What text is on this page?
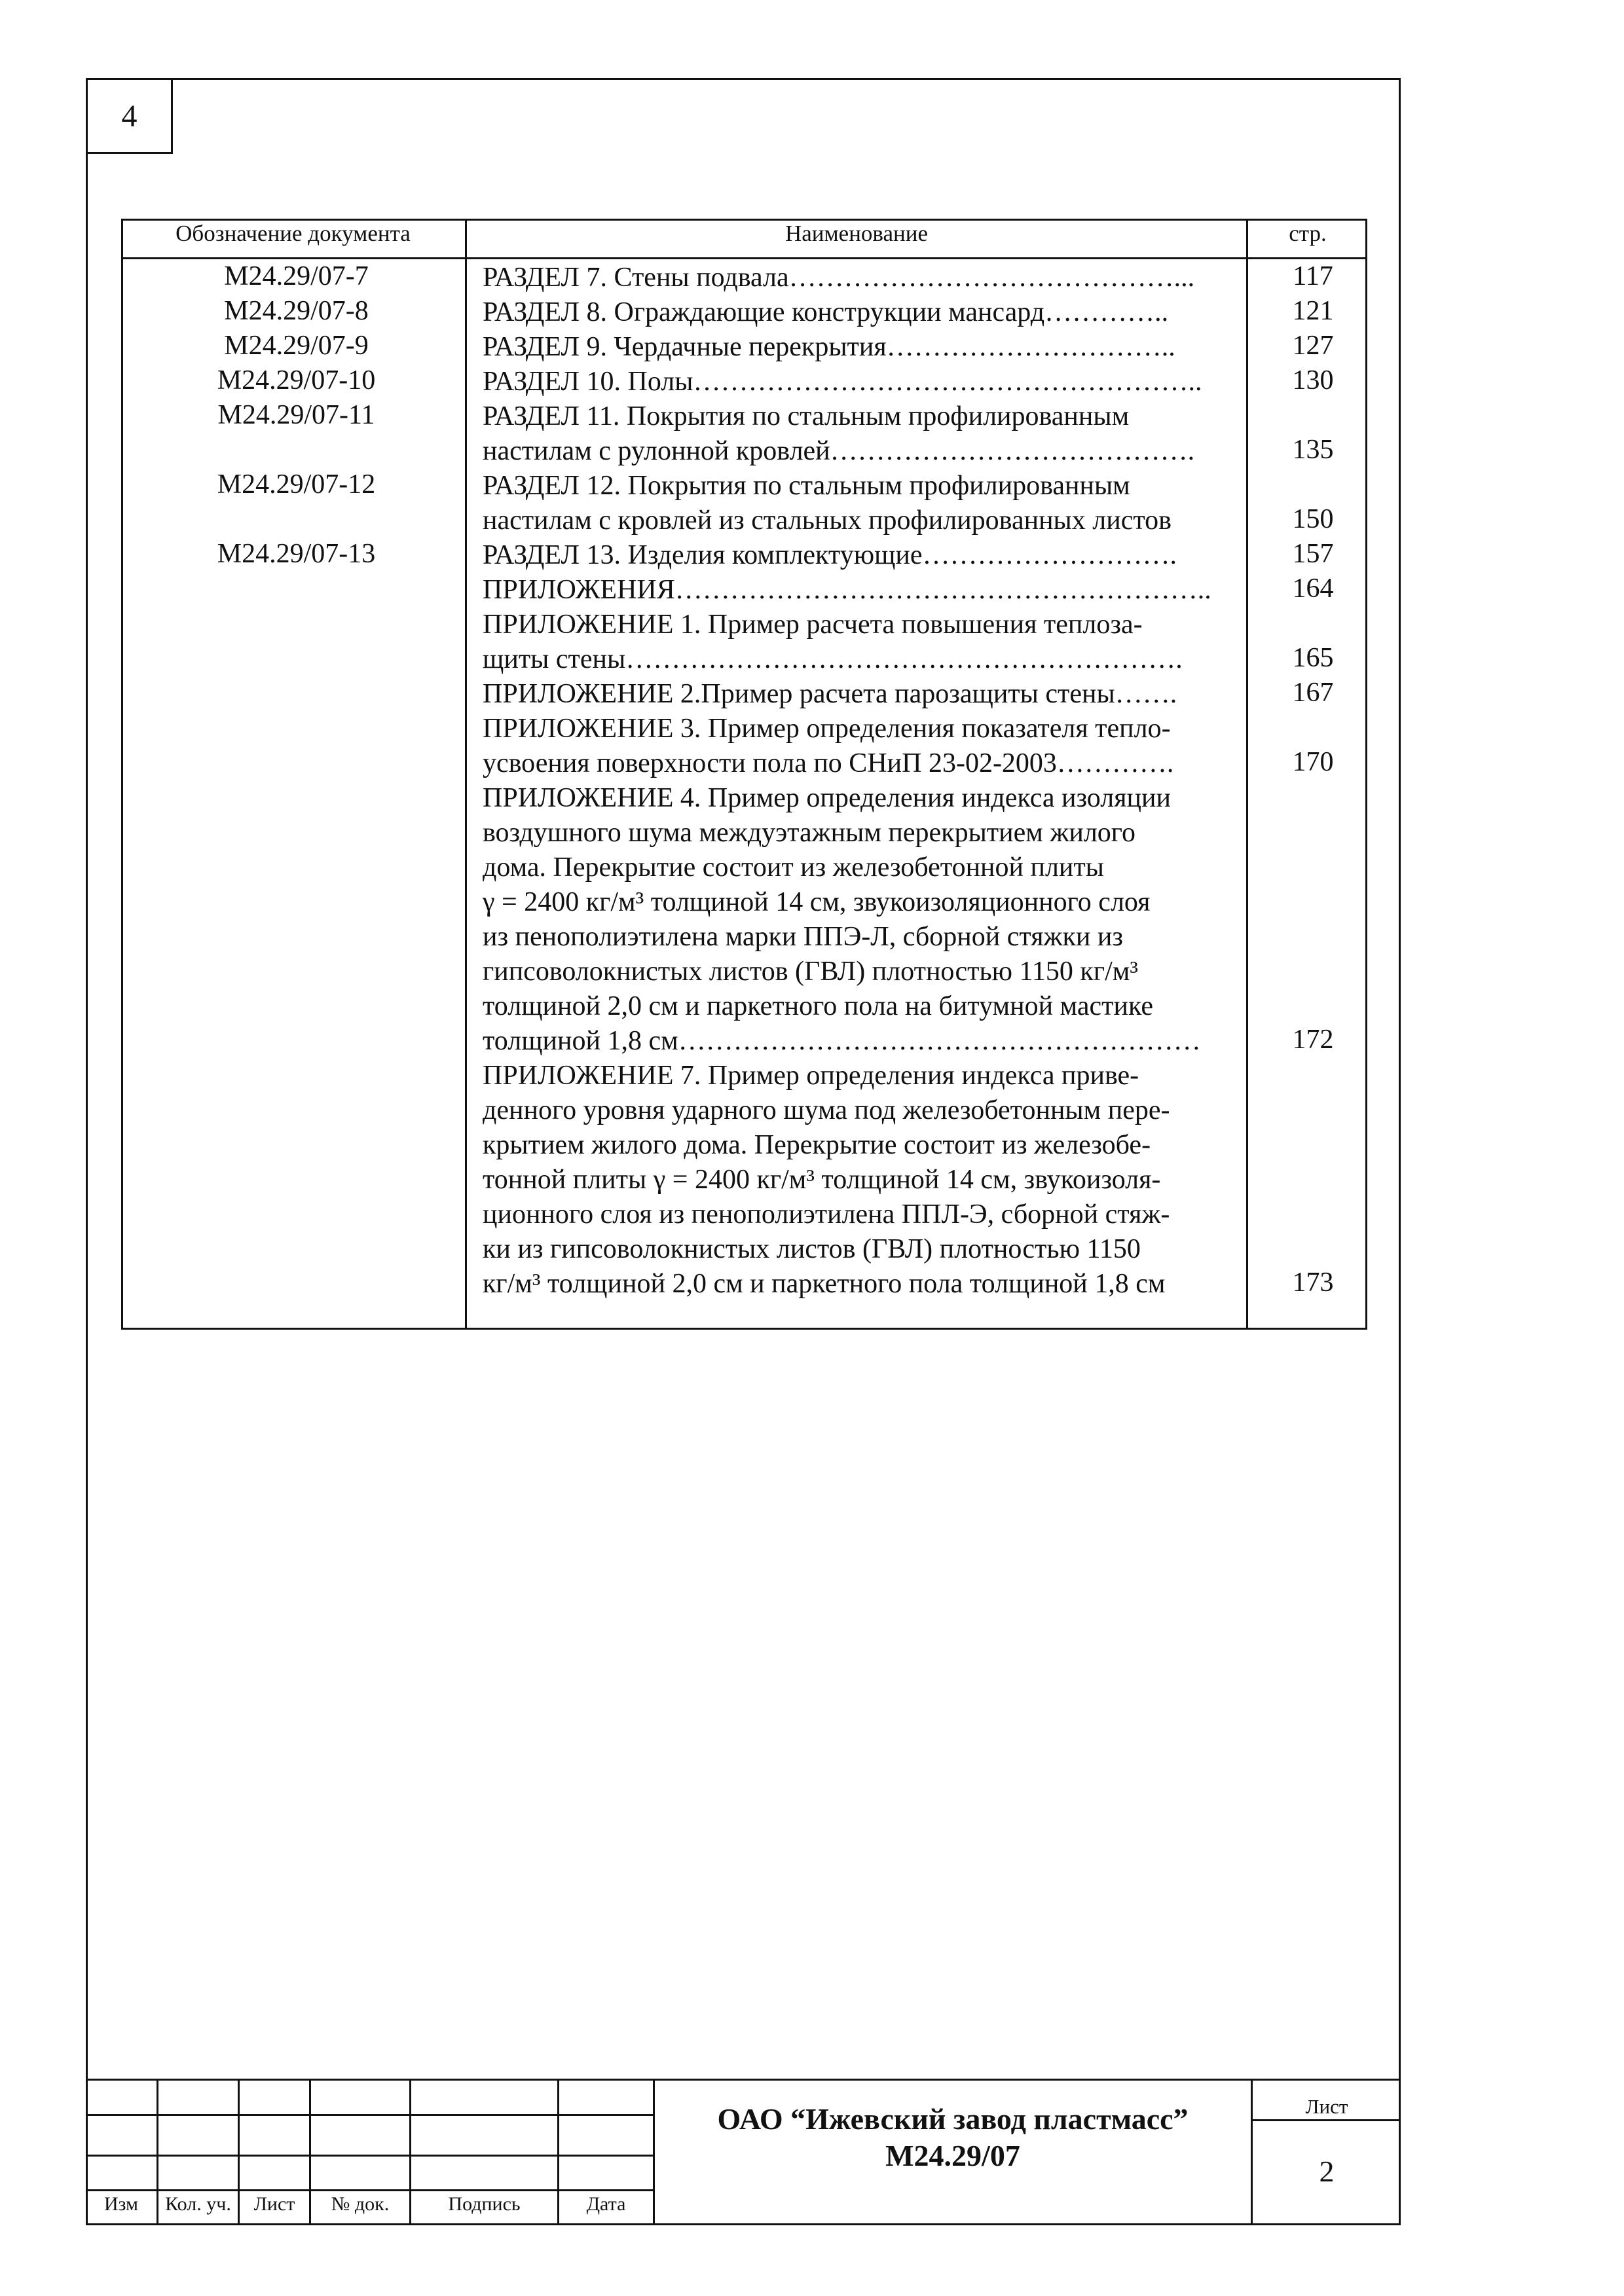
4
Обозначение документа	Наименование	стр.
М24.29/07-7	РАЗДЕЛ 7. Стены подвала……………………………………...	117
М24.29/07-8	РАЗДЕЛ 8. Ограждающие конструкции мансард…………..	121
М24.29/07-9	РАЗДЕЛ 9. Чердачные перекрытия…………………………..	127
М24.29/07-10	РАЗДЕЛ 10. Полы………………………………………………..	130
М24.29/07-11	РАЗДЕЛ 11. Покрытия по стальным профилированным
настилам с рулонной кровлей………………………………….	135
М24.29/07-12	РАЗДЕЛ 12. Покрытия по стальным профилированным
настилам с кровлей из стальных профилированных листов	150
М24.29/07-13	РАЗДЕЛ 13. Изделия комплектующие……………………….	157
ПРИЛОЖЕНИЯ…………………………………………………..	164
ПРИЛОЖЕНИЕ 1. Пример расчета повышения теплоза-
щиты стены…………………………………………………….	165
ПРИЛОЖЕНИЕ 2.Пример расчета парозащиты стены…….	167
ПРИЛОЖЕНИЕ 3. Пример определения показателя тепло-
усвоения поверхности пола по СНиП 23-02-2003………….	170
ПРИЛОЖЕНИЕ 4. Пример определения индекса изоляции
воздушного шума междуэтажным перекрытием жилого
дома. Перекрытие состоит из железобетонной плиты
γ = 2400 кг/м³ толщиной 14 см, звукоизоляционного слоя
из пенополиэтилена марки ППЭ-Л, сборной стяжки из
гипсоволокнистых листов (ГВЛ) плотностью 1150 кг/м³
толщиной 2,0 см и паркетного пола на битумной мастике
толщиной 1,8 см…………………………………………………	172
ПРИЛОЖЕНИЕ 7. Пример определения индекса приве-
денного уровня ударного шума под железобетонным пере-
крытием жилого дома. Перекрытие состоит из железобе-
тонной плиты γ = 2400 кг/м³ толщиной 14 см, звукоизоля-
ционного слоя из пенополиэтилена ППЛ-Э, сборной стяж-
ки из гипсоволокнистых листов (ГВЛ) плотностью 1150
кг/м³ толщиной 2,0 см и паркетного пола толщиной 1,8 см	173
Изм	Кол. уч.	Лист	№ док.	Подпись	Дата
ОАО “Ижевский завод пластмасс”
М24.29/07
Лист
2
